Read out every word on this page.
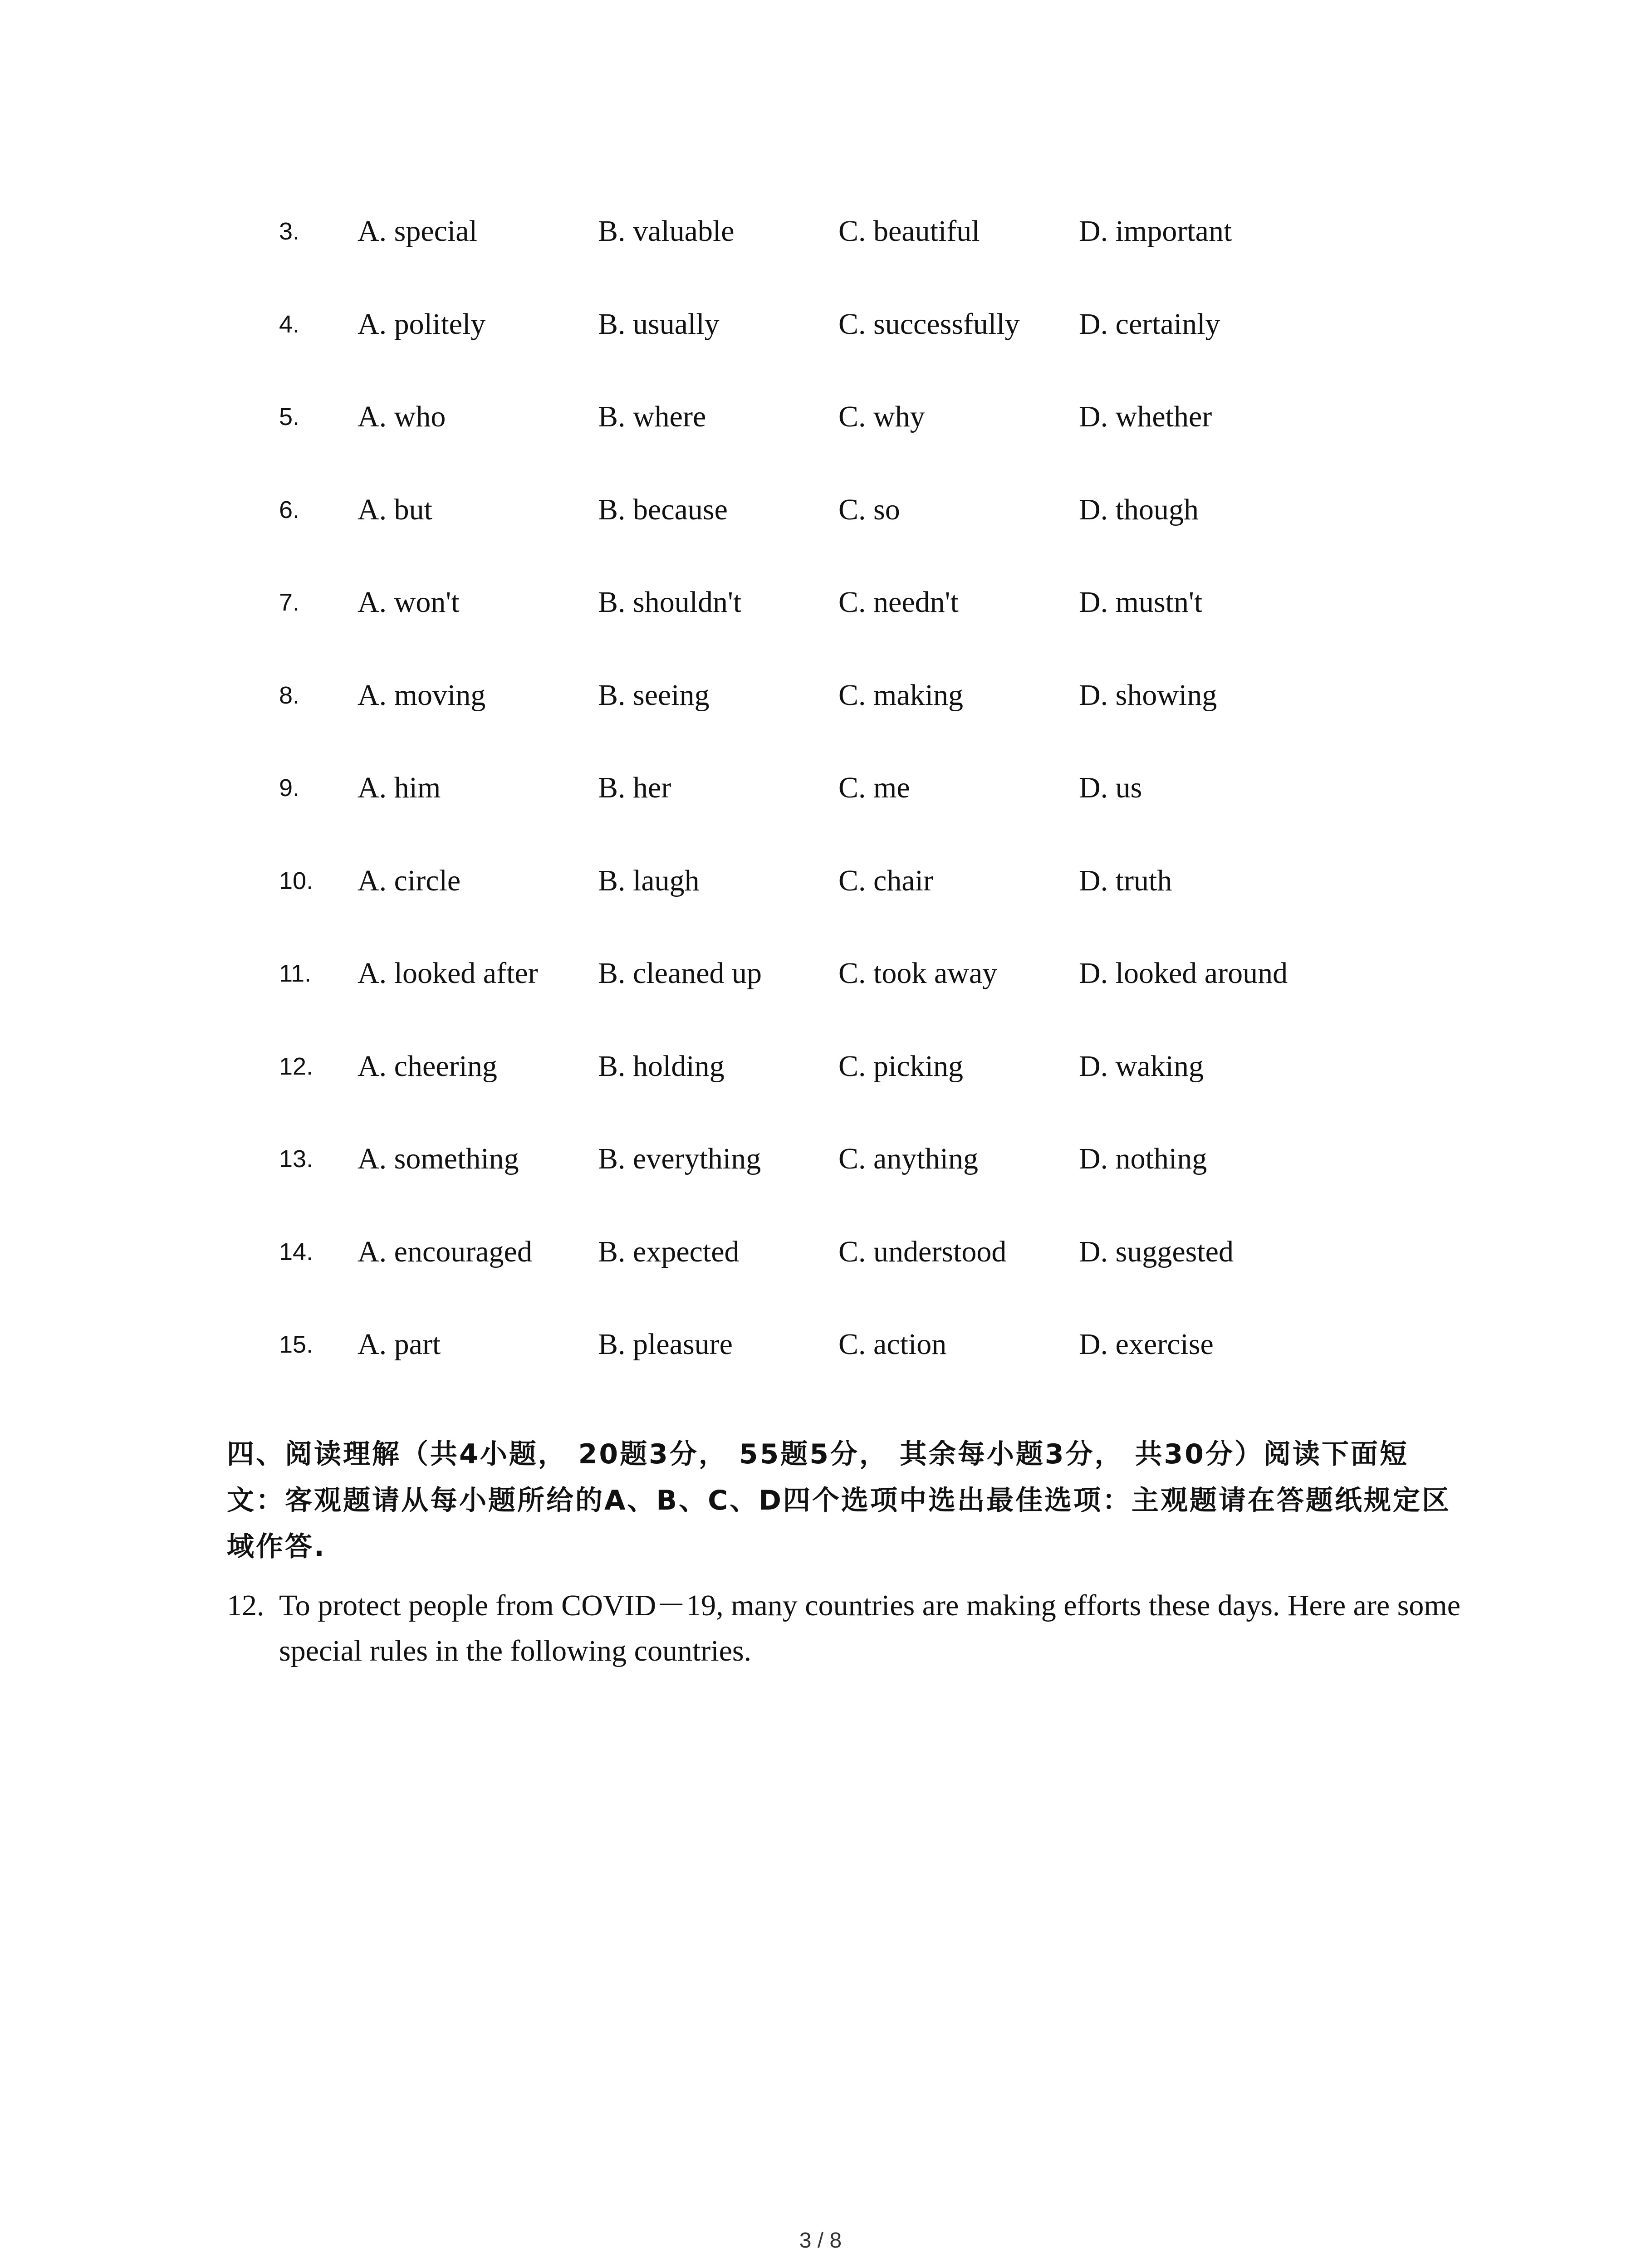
3. A. special	B. valuable	C. beautiful	D. important
4. A. politely	B. usually	C. successfully D. certainly
5. A. who	B. where	C. why	D. whether
6. A. but	B. because	C. so	D. though
7. A. won't	B. shouldn't	C. needn't	D. mustn't
8. A. moving	B. seeing	C. making	D. showing
9. A. him	B. her	C. me	D. us
10. A. circle	B. laugh	C. chair	D. truth
11. A. looked after B. cleaned up	C. took away	D. looked around
12. A. cheering	B. holding	C. picking	D. waking
13. A. something	B. everything	C. anything	D. nothing
14. A. encouraged B. expected	C. understood D. suggested
15. A. part	B. pleasure	C. action	D. exercise
四、阅读理解（共4小题， 20题3分， 55题5分， 其余每小题3分， 共30分）阅读下面短文：客观题请从每小题所给的A、B、C、D四个选项中选出最佳选项：主观题请在答题纸规定区域作答.
12. To protect people from COVID－19, many countries are making efforts these days. Here are some special rules in the following countries.
3 / 8
